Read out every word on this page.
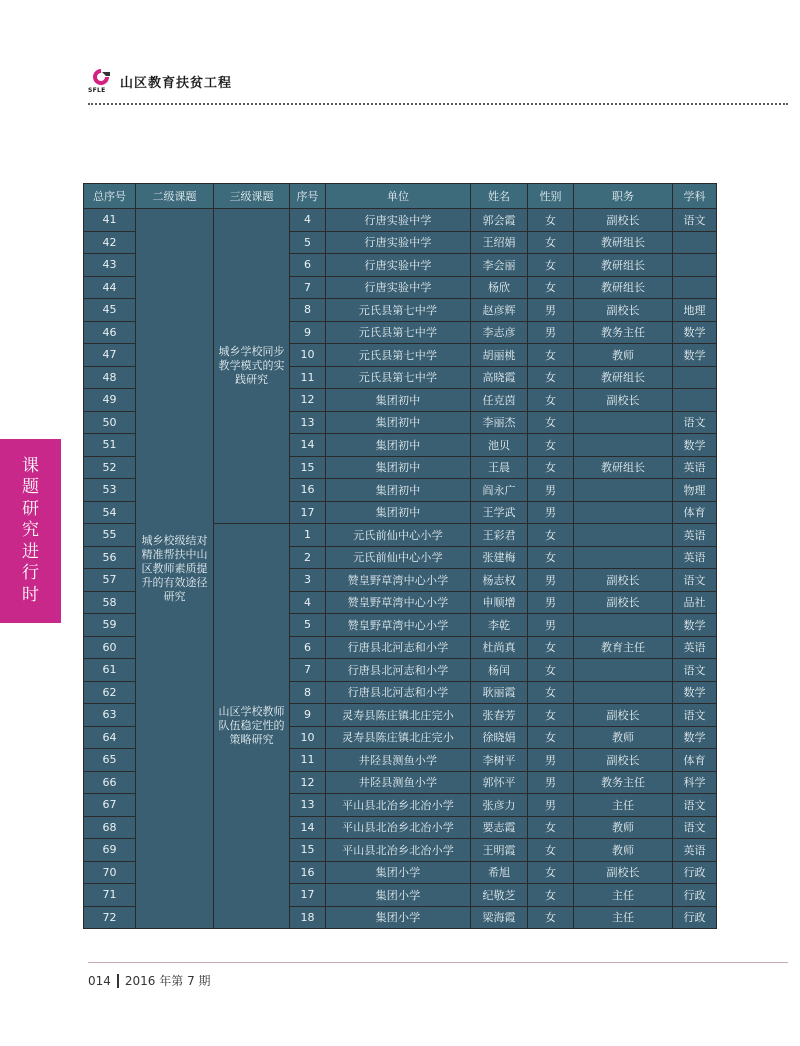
SFLE 山区教育扶贫工程
课题研究进行时
总序号	二级课题	三级课题	序号	单位	姓名	性别	职务	学科
41	城乡校级结对精准帮扶中山区教师素质提升的有效途径研究	城乡学校同步教学模式的实践研究	4	行唐实验中学	郭会霞	女	副校长	语文
42			5	行唐实验中学	王绍娟	女	教研组长	
43			6	行唐实验中学	李会丽	女	教研组长	
44			7	行唐实验中学	杨欣	女	教研组长	
45			8	元氏县第七中学	赵彦辉	男	副校长	地理
46			9	元氏县第七中学	李志彦	男	教务主任	数学
47			10	元氏县第七中学	胡丽桃	女	教师	数学
48			11	元氏县第七中学	高晓霞	女	教研组长	
49			12	集团初中	任克茵	女	副校长	
50			13	集团初中	李丽杰	女		语文
51			14	集团初中	池贝	女		数学
52			15	集团初中	王晨	女	教研组长	英语
53			16	集团初中	阎永广	男		物理
54			17	集团初中	王学武	男		体育
55		山区学校教师队伍稳定性的策略研究	1	元氏前仙中心小学	王彩君	女		英语
56			2	元氏前仙中心小学	张建梅	女		英语
57			3	赞皇野草湾中心小学	杨志权	男	副校长	语文
58			4	赞皇野草湾中心小学	申顺增	男	副校长	品社
59			5	赞皇野草湾中心小学	李乾	男		数学
60			6	行唐县北河志和小学	杜尚真	女	教育主任	英语
61			7	行唐县北河志和小学	杨闰	女		语文
62			8	行唐县北河志和小学	耿丽霞	女		数学
63			9	灵寿县陈庄镇北庄完小	张春芳	女	副校长	语文
64			10	灵寿县陈庄镇北庄完小	徐晓娟	女	教师	数学
65			11	井陉县测鱼小学	李树平	男	副校长	体育
66			12	井陉县测鱼小学	郭怀平	男	教务主任	科学
67			13	平山县北冶乡北冶小学	张彦力	男	主任	语文
68			14	平山县北冶乡北冶小学	要志霞	女	教师	语文
69			15	平山县北冶乡北冶小学	王明霞	女	教师	英语
70			16	集团小学	希旭	女	副校长	行政
71			17	集团小学	纪敬芝	女	主任	行政
72			18	集团小学	梁海霞	女	主任	行政
014 2016 年第 7 期
